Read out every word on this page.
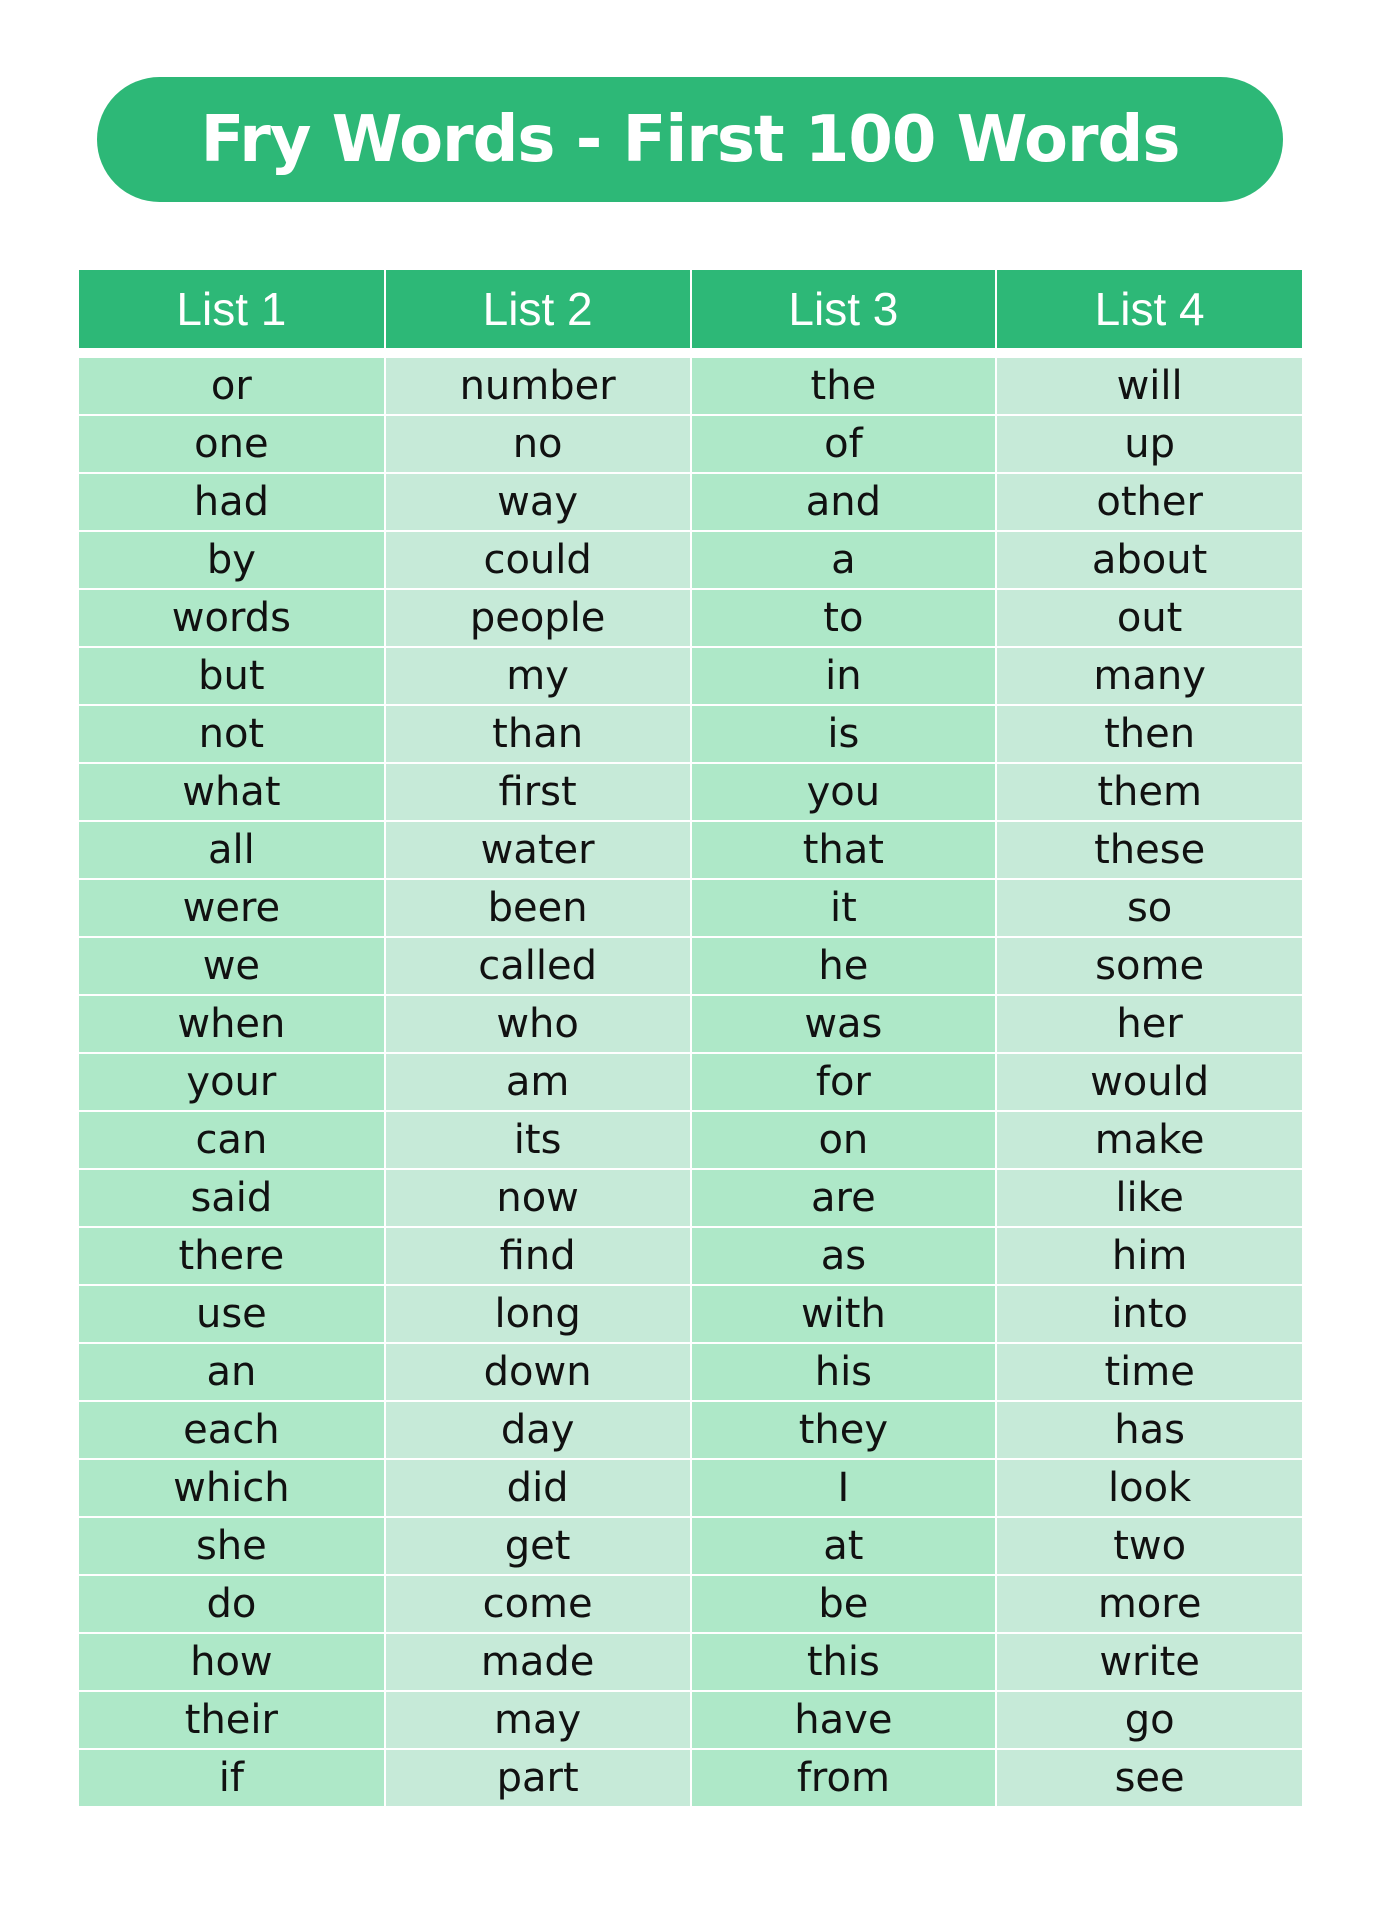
Fry Words - First 100 Words
List 1	List 2	List 3	List 4

or	number	the	will
one	no	of	up
had	way	and	other
by	could	a	about
words	people	to	out
but	my	in	many
not	than	is	then
what	first	you	them
all	water	that	these
were	been	it	so
we	called	he	some
when	who	was	her
your	am	for	would
can	its	on	make
said	now	are	like
there	find	as	him
use	long	with	into
an	down	his	time
each	day	they	has
which	did	I	look
she	get	at	two
do	come	be	more
how	made	this	write
their	may	have	go
if	part	from	see
